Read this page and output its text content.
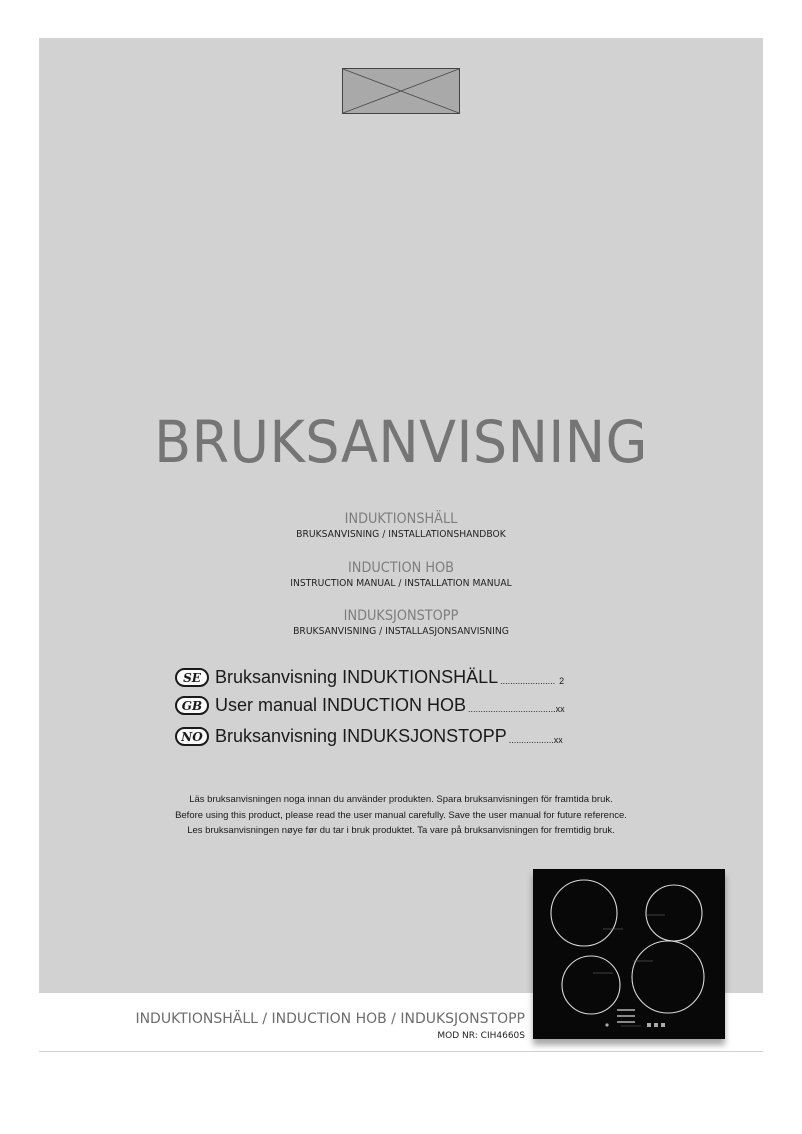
BRUKSANVISNING
INDUKTIONSHÄLL
BRUKSANVISNING / INSTALLATIONSHANDBOK
INDUCTION HOB
INSTRUCTION MANUAL / INSTALLATION MANUAL
INDUKSJONSTOPP
BRUKSANVISNING / INSTALLASJONSANVISNING
SE Bruksanvisning INDUKTIONSHÄLL ...................... 2
GB User manual INDUCTION HOB ................................... xx
NO Bruksanvisning INDUKSJONSTOPP .................. xx
Läs bruksanvisningen noga innan du använder produkten. Spara bruksanvisningen för framtida bruk.
Before using this product, please read the user manual carefully. Save the user manual for future reference.
Les bruksanvisningen nøye før du tar i bruk produktet. Ta vare på bruksanvisningen for fremtidig bruk.
INDUKTIONSHÄLL / INDUCTION HOB / INDUKSJONSTOPP
MOD NR: CIH4660S
